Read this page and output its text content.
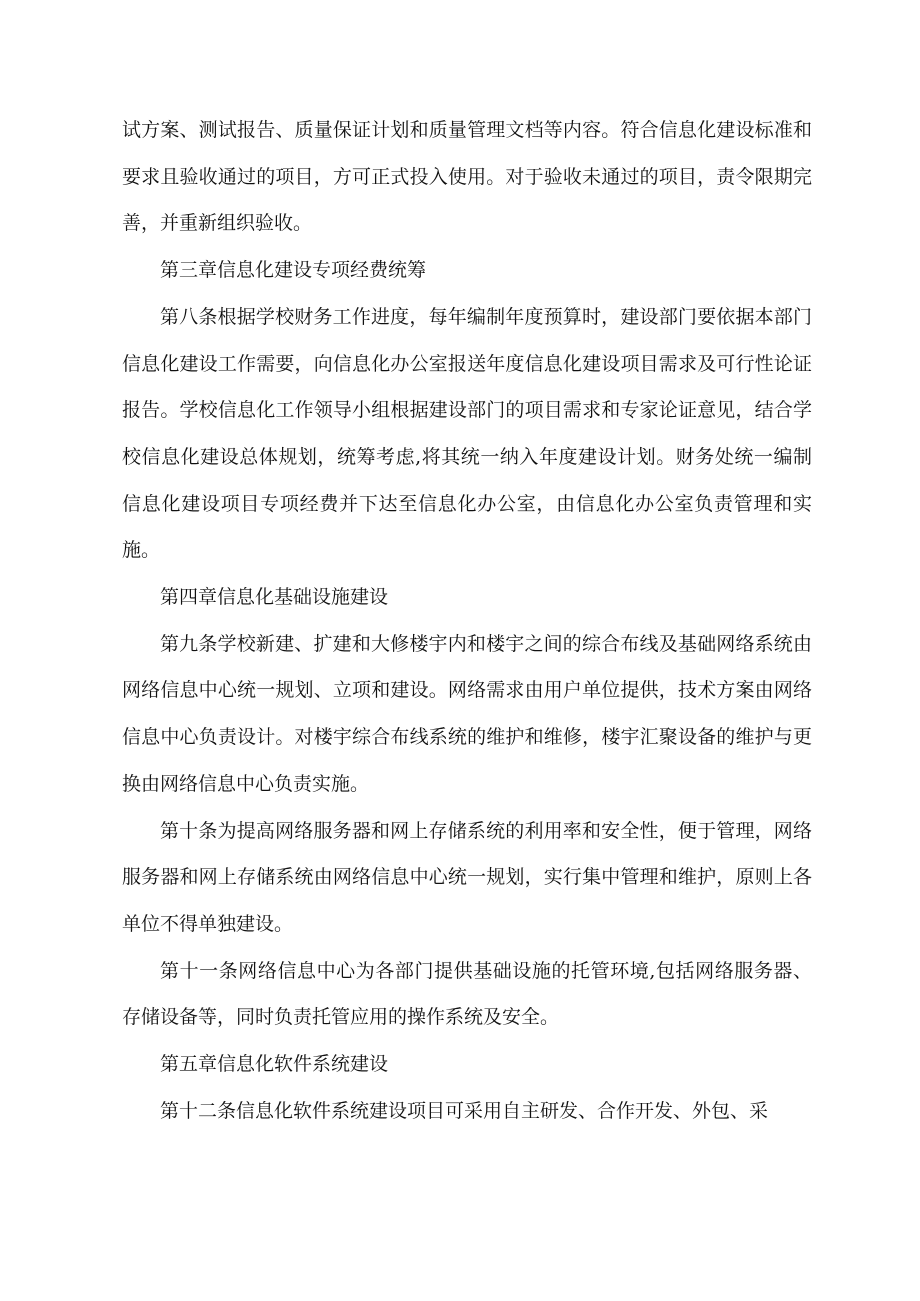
试方案、测试报告、质量保证计划和质量管理文档等内容。符合信息化建设标准和要求且验收通过的项目，方可正式投入使用。对于验收未通过的项目，责令限期完善，并重新组织验收。

第三章信息化建设专项经费统筹

第八条根据学校财务工作进度，每年编制年度预算时，建设部门要依据本部门信息化建设工作需要，向信息化办公室报送年度信息化建设项目需求及可行性论证报告。学校信息化工作领导小组根据建设部门的项目需求和专家论证意见，结合学校信息化建设总体规划，统筹考虑,将其统一纳入年度建设计划。财务处统一编制信息化建设项目专项经费并下达至信息化办公室，由信息化办公室负责管理和实施。

第四章信息化基础设施建设

第九条学校新建、扩建和大修楼宇内和楼宇之间的综合布线及基础网络系统由网络信息中心统一规划、立项和建设。网络需求由用户单位提供，技术方案由网络信息中心负责设计。对楼宇综合布线系统的维护和维修，楼宇汇聚设备的维护与更换由网络信息中心负责实施。

第十条为提高网络服务器和网上存储系统的利用率和安全性，便于管理，网络服务器和网上存储系统由网络信息中心统一规划，实行集中管理和维护，原则上各单位不得单独建设。

第十一条网络信息中心为各部门提供基础设施的托管环境,包括网络服务器、存储设备等，同时负责托管应用的操作系统及安全。

第五章信息化软件系统建设

第十二条信息化软件系统建设项目可采用自主研发、合作开发、外包、采
